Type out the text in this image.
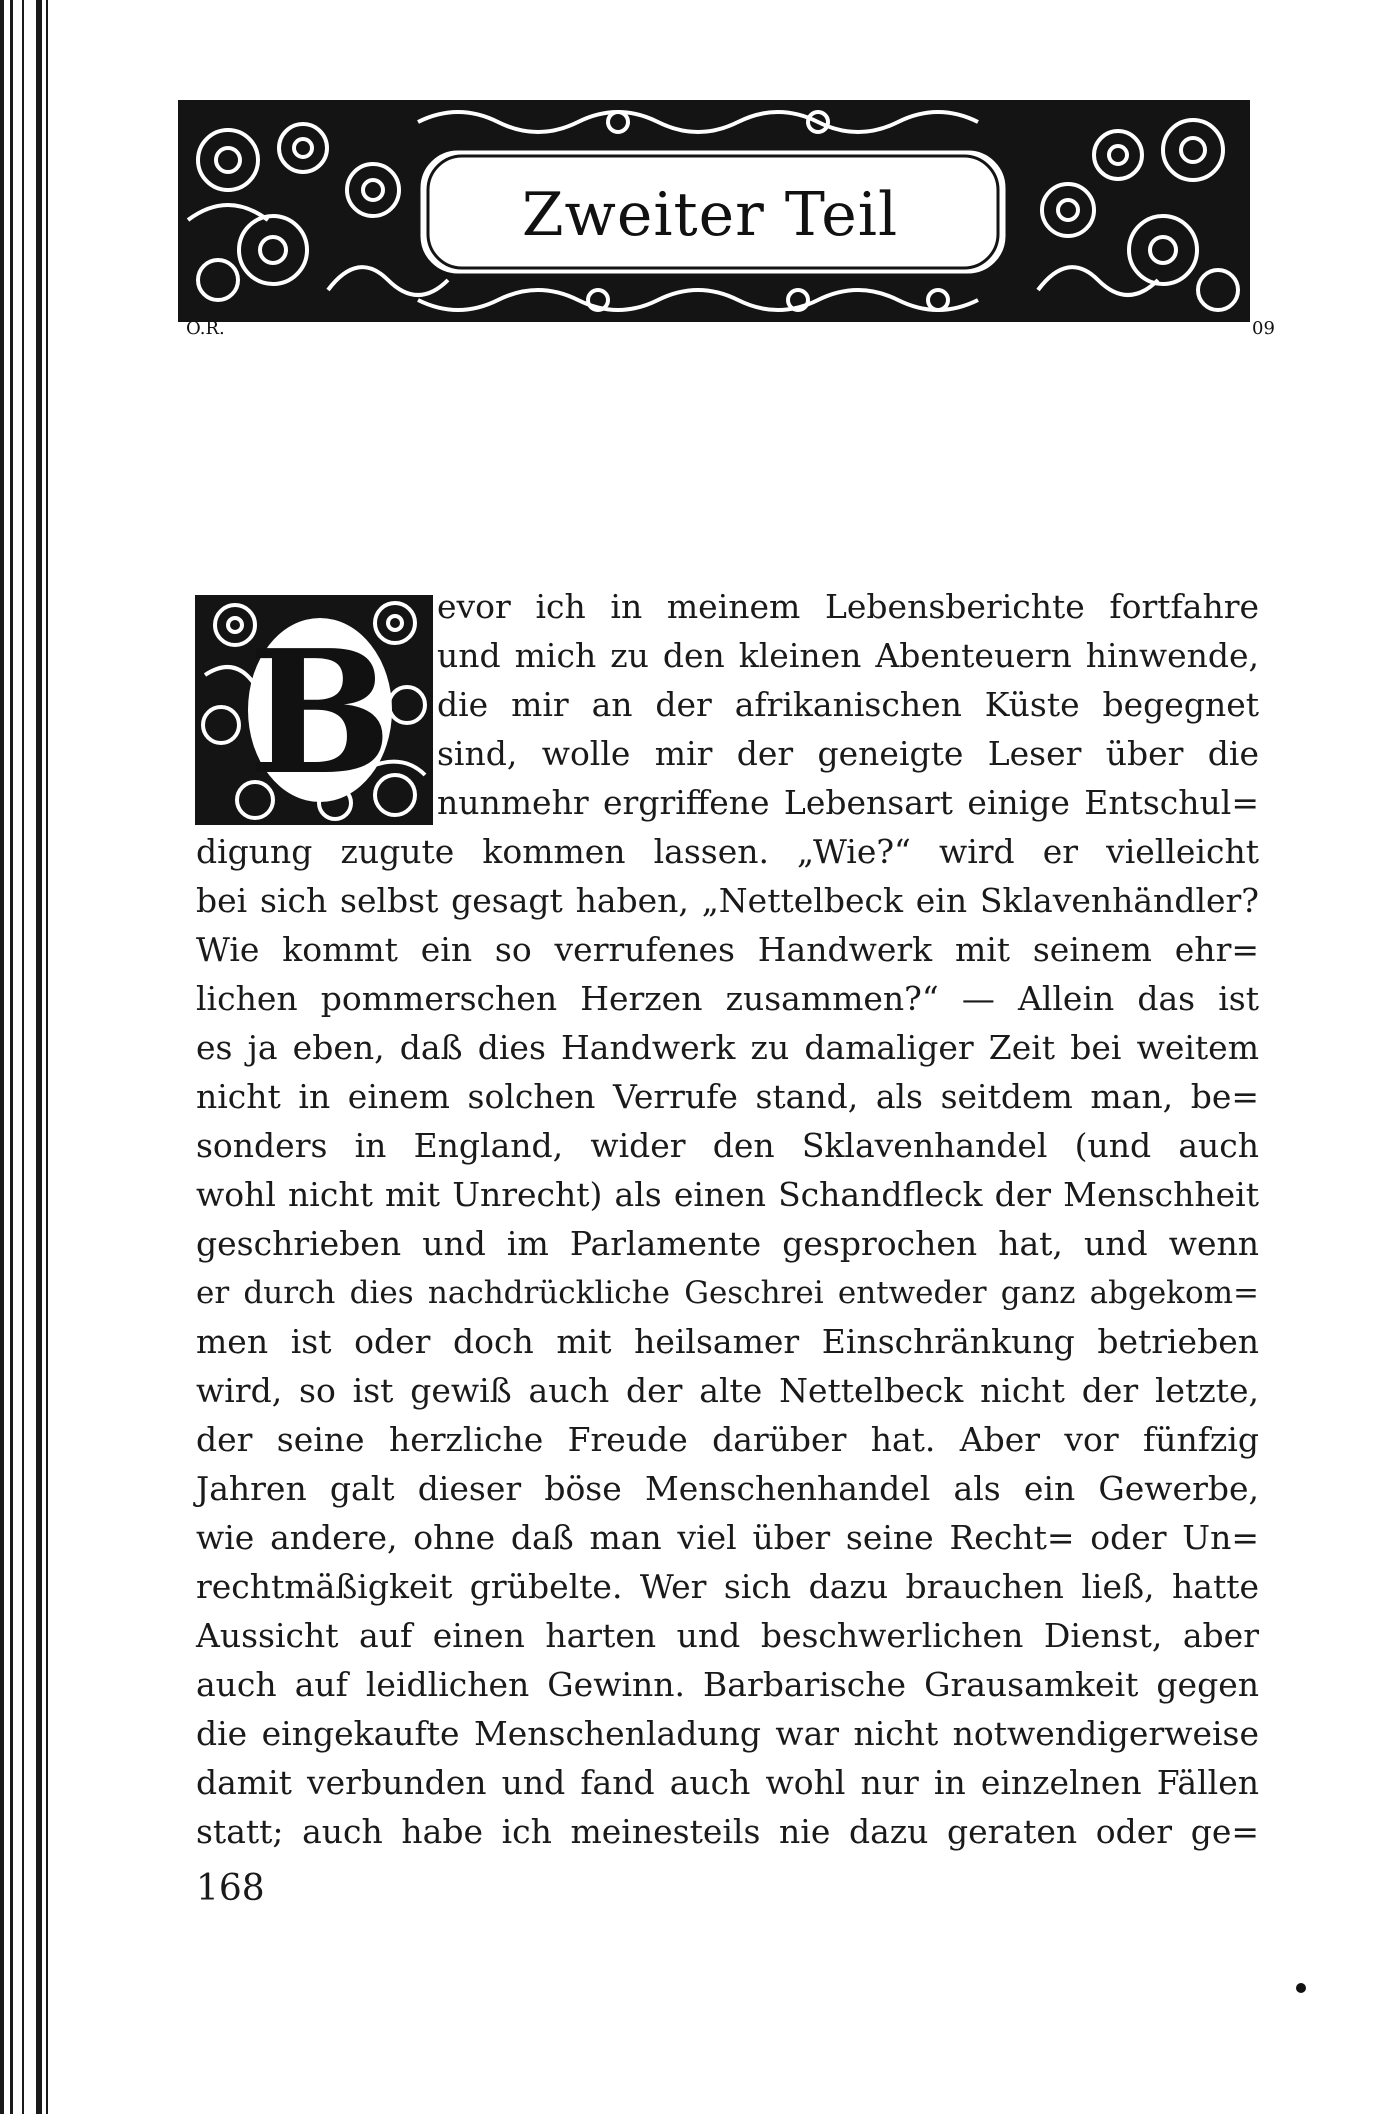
Zweiter Teil
O.R.	09
B
evor ich in meinem Lebensberichte fortfahre
und mich zu den kleinen Abenteuern hinwende,
die mir an der afrikanischen Küste begegnet
sind, wolle mir der geneigte Leser über die
nunmehr ergriffene Lebensart einige Entschul=
digung zugute kommen lassen. „Wie?“ wird er vielleicht
bei sich selbst gesagt haben, „Nettelbeck ein Sklavenhändler?
Wie kommt ein so verrufenes Handwerk mit seinem ehr=
lichen pommerschen Herzen zusammen?“ — Allein das ist
es ja eben, daß dies Handwerk zu damaliger Zeit bei weitem
nicht in einem solchen Verrufe stand, als seitdem man, be=
sonders in England, wider den Sklavenhandel (und auch
wohl nicht mit Unrecht) als einen Schandfleck der Menschheit
geschrieben und im Parlamente gesprochen hat, und wenn
er durch dies nachdrückliche Geschrei entweder ganz abgekom=
men ist oder doch mit heilsamer Einschränkung betrieben
wird, so ist gewiß auch der alte Nettelbeck nicht der letzte,
der seine herzliche Freude darüber hat. Aber vor fünfzig
Jahren galt dieser böse Menschenhandel als ein Gewerbe,
wie andere, ohne daß man viel über seine Recht= oder Un=
rechtmäßigkeit grübelte. Wer sich dazu brauchen ließ, hatte
Aussicht auf einen harten und beschwerlichen Dienst, aber
auch auf leidlichen Gewinn. Barbarische Grausamkeit gegen
die eingekaufte Menschenladung war nicht notwendigerweise
damit verbunden und fand auch wohl nur in einzelnen Fällen
statt; auch habe ich meinesteils nie dazu geraten oder ge=
168
